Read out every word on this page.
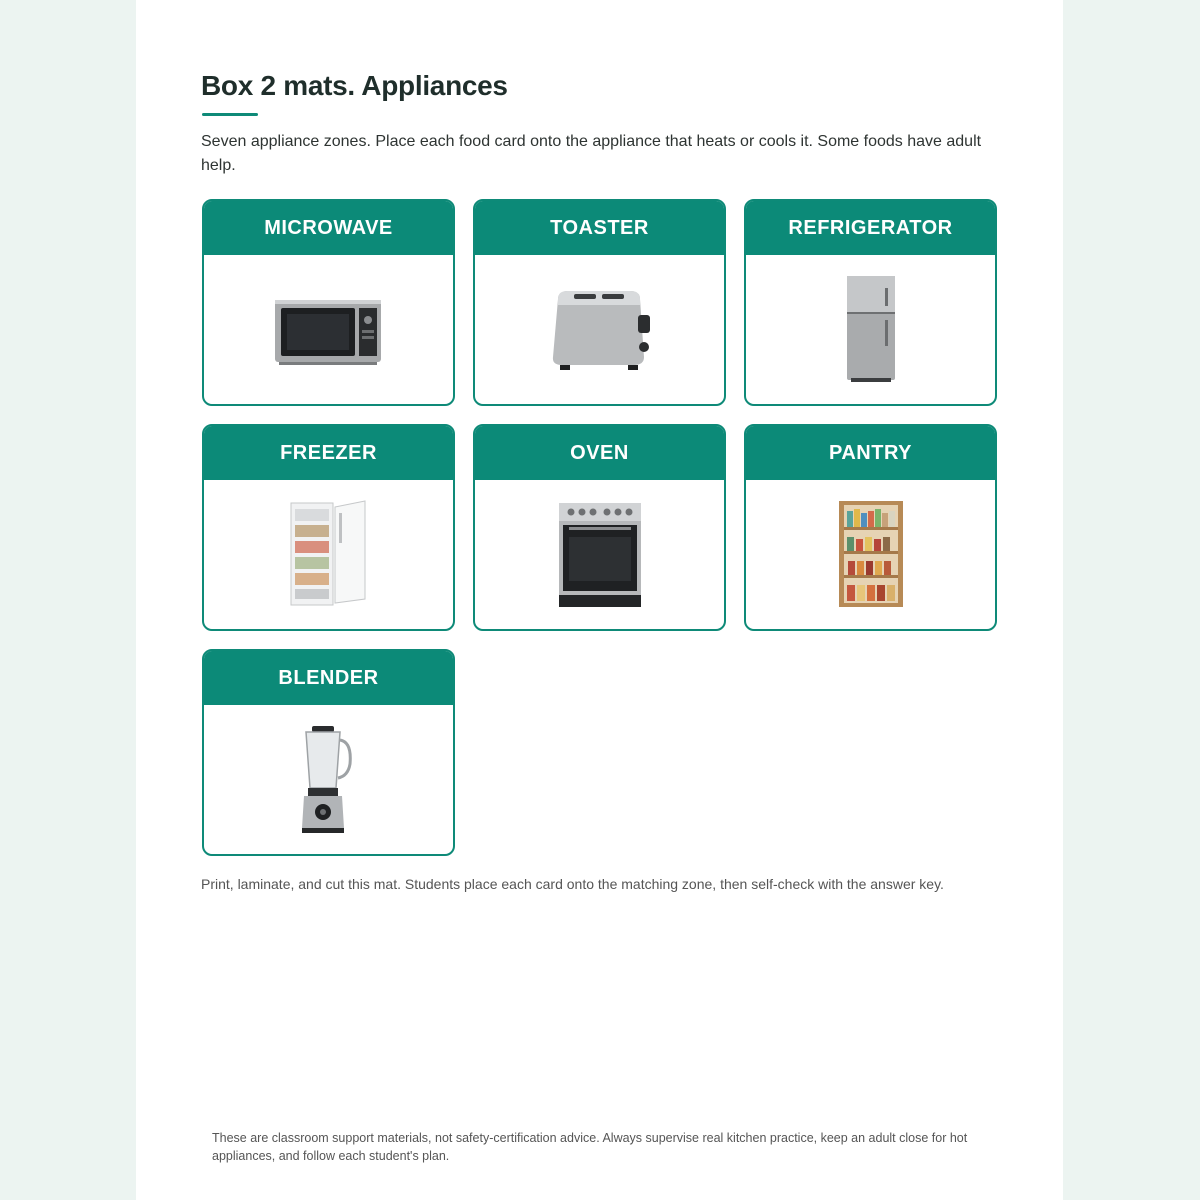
Box 2 mats. Appliances

Seven appliance zones. Place each food card onto the appliance that heats or cools it. Some foods have adult help.

MICROWAVE	TOASTER	REFRIGERATOR
FREEZER	OVEN	PANTRY
BLENDER

Print, laminate, and cut this mat. Students place each card onto the matching zone, then self-check with the answer key.

These are classroom support materials, not safety-certification advice. Always supervise real kitchen practice, keep an adult close for hot appliances, and follow each student's plan.
